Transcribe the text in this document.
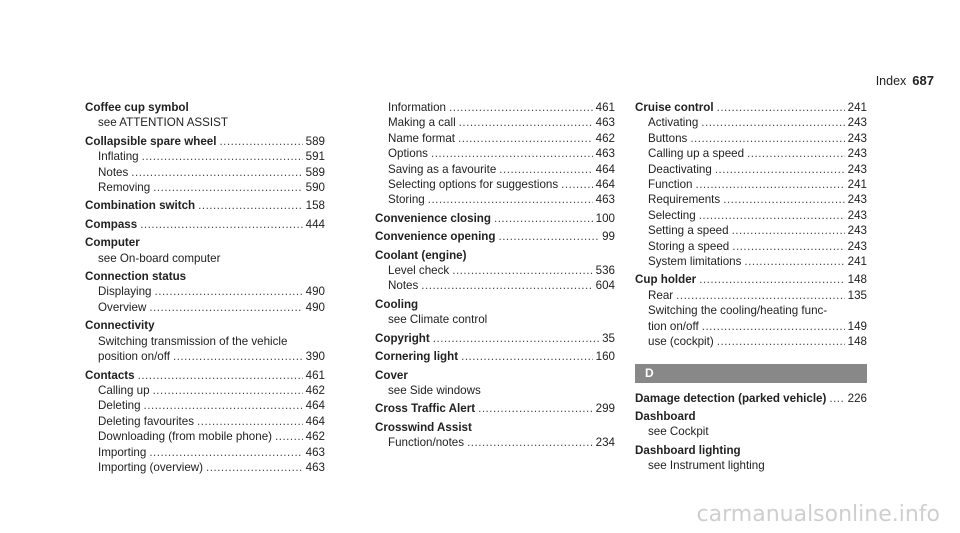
Index 687
Coffee cup symbol
see ATTENTION ASSIST
Collapsible spare wheel .....	589
Inflating .....	591
Notes .....	589
Removing .....	590
Combination switch .....	158
Compass .....	444
Computer
see On-board computer
Connection status
Displaying .....	490
Overview .....	490
Connectivity
Switching transmission of the vehicle
position on/off .....	390
Contacts .....	461
Calling up .....	462
Deleting .....	464
Deleting favourites .....	464
Downloading (from mobile phone) .....	462
Importing .....	463
Importing (overview) .....	463
Information .....	461
Making a call .....	463
Name format .....	462
Options .....	463
Saving as a favourite .....	464
Selecting options for suggestions .....	464
Storing .....	463
Convenience closing .....	100
Convenience opening .....	99
Coolant (engine)
Level check .....	536
Notes .....	604
Cooling
see Climate control
Copyright .....	35
Cornering light .....	160
Cover
see Side windows
Cross Traffic Alert .....	299
Crosswind Assist
Function/notes .....	234
Cruise control .....	241
Activating .....	243
Buttons .....	243
Calling up a speed .....	243
Deactivating .....	243
Function .....	241
Requirements .....	243
Selecting .....	243
Setting a speed .....	243
Storing a speed .....	243
System limitations .....	241
Cup holder .....	148
Rear .....	135
Switching the cooling/heating func-
tion on/off .....	149
use (cockpit) .....	148
D
Damage detection (parked vehicle) ..... 226
Dashboard
see Cockpit
Dashboard lighting
see Instrument lighting
carmanualsonline.info
